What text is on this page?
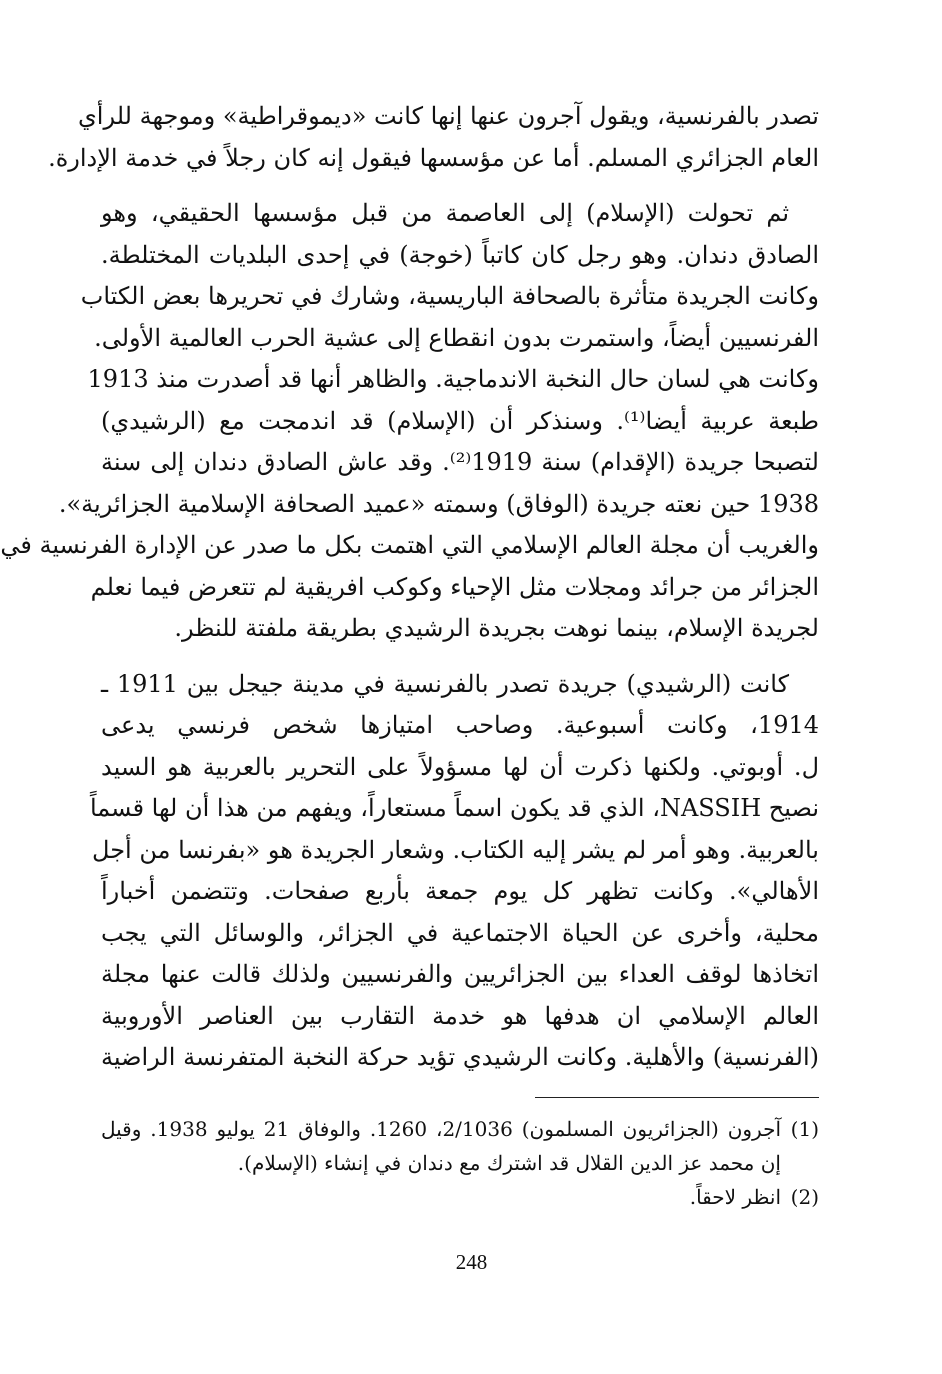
تصدر بالفرنسية، ويقول آجرون عنها إنها كانت «ديموقراطية» وموجهة للرأي
العام الجزائري المسلم. أما عن مؤسسها فيقول إنه كان رجلاً في خدمة الإدارة.
ثم تحولت (الإسلام) إلى العاصمة من قبل مؤسسها الحقيقي، وهو
الصادق دندان. وهو رجل كان كاتباً (خوجة) في إحدى البلديات المختلطة.
وكانت الجريدة متأثرة بالصحافة الباريسية، وشارك في تحريرها بعض الكتاب
الفرنسيين أيضاً، واستمرت بدون انقطاع إلى عشية الحرب العالمية الأولى.
وكانت هي لسان حال النخبة الاندماجية. والظاهر أنها قد أصدرت منذ 1913
طبعة عربية أيضا⁽¹⁾. وسنذكر أن (الإسلام) قد اندمجت مع (الرشيدي)
لتصبحا جريدة (الإقدام) سنة 1919⁽²⁾. وقد عاش الصادق دندان إلى سنة
1938 حين نعته جريدة (الوفاق) وسمته «عميد الصحافة الإسلامية الجزائرية».
والغريب أن مجلة العالم الإسلامي التي اهتمت بكل ما صدر عن الإدارة الفرنسية في
الجزائر من جرائد ومجلات مثل الإحياء وكوكب افريقية لم تتعرض فيما نعلم
لجريدة الإسلام، بينما نوهت بجريدة الرشيدي بطريقة ملفتة للنظر.
كانت (الرشيدي) جريدة تصدر بالفرنسية في مدينة جيجل بين 1911 ـ
1914، وكانت أسبوعية. وصاحب امتيازها شخص فرنسي يدعى
ل. أوبوتي. ولكنها ذكرت أن لها مسؤولاً على التحرير بالعربية هو السيد
نصيح NASSIH، الذي قد يكون اسماً مستعاراً، ويفهم من هذا أن لها قسماً
بالعربية. وهو أمر لم يشر إليه الكتاب. وشعار الجريدة هو «بفرنسا من أجل
الأهالي». وكانت تظهر كل يوم جمعة بأربع صفحات. وتتضمن أخباراً
محلية، وأخرى عن الحياة الاجتماعية في الجزائر، والوسائل التي يجب
اتخاذها لوقف العداء بين الجزائريين والفرنسيين ولذلك قالت عنها مجلة
العالم الإسلامي ان هدفها هو خدمة التقارب بين العناصر الأوروبية
(الفرنسية) والأهلية. وكانت الرشيدي تؤيد حركة النخبة المتفرنسة الراضية
(1)
آجرون (الجزائريون المسلمون) 2/1036، 1260. والوفاق 21 يوليو 1938. وقيل
إن محمد عز الدين القلال قد اشترك مع دندان في إنشاء (الإسلام).
(2)
انظر لاحقاً.
248
